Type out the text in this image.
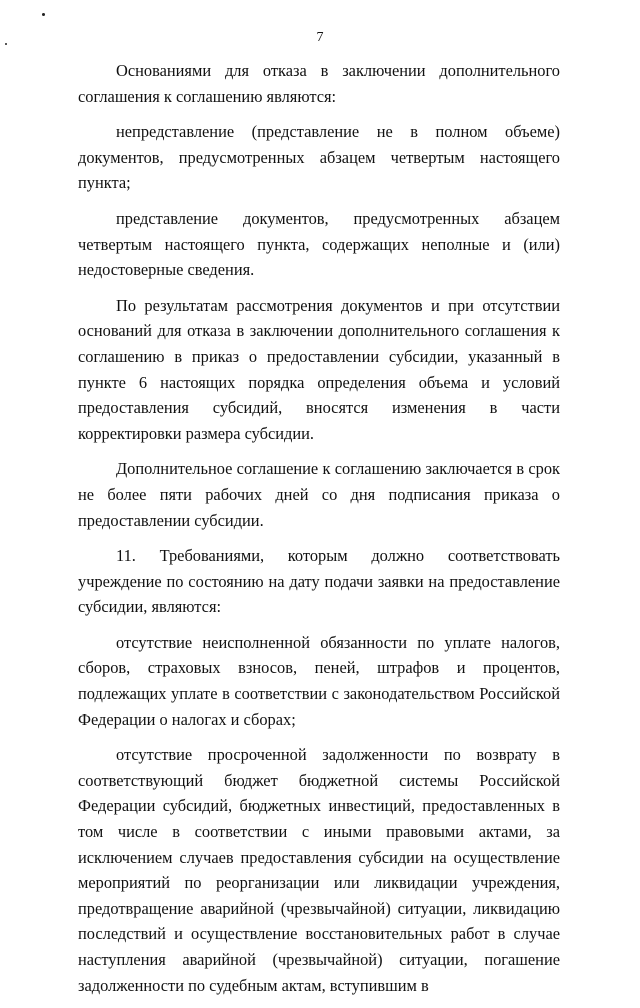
7

Основаниями для отказа в заключении дополнительного соглашения к соглашению являются:

непредставление (представление не в полном объеме) документов, предусмотренных абзацем четвертым настоящего пункта;

представление документов, предусмотренных абзацем четвертым настоящего пункта, содержащих неполные и (или) недостоверные сведения.

По результатам рассмотрения документов и при отсутствии оснований для отказа в заключении дополнительного соглашения к соглашению в приказ о предоставлении субсидии, указанный в пункте 6 настоящих порядка определения объема и условий предоставления субсидий, вносятся изменения в части корректировки размера субсидии.

Дополнительное соглашение к соглашению заключается в срок не более пяти рабочих дней со дня подписания приказа о предоставлении субсидии.

11. Требованиями, которым должно соответствовать учреждение по состоянию на дату подачи заявки на предоставление субсидии, являются:

отсутствие неисполненной обязанности по уплате налогов, сборов, страховых взносов, пеней, штрафов и процентов, подлежащих уплате в соответствии с законодательством Российской Федерации о налогах и сборах;

отсутствие просроченной задолженности по возврату в соответствующий бюджет бюджетной системы Российской Федерации субсидий, бюджетных инвестиций, предоставленных в том числе в соответствии с иными правовыми актами, за исключением случаев предоставления субсидии на осуществление мероприятий по реорганизации или ликвидации учреждения, предотвращение аварийной (чрезвычайной) ситуации, ликвидацию последствий и осуществление восстановительных работ в случае наступления аварийной (чрезвычайной) ситуации, погашение задолженности по судебным актам, вступившим в
